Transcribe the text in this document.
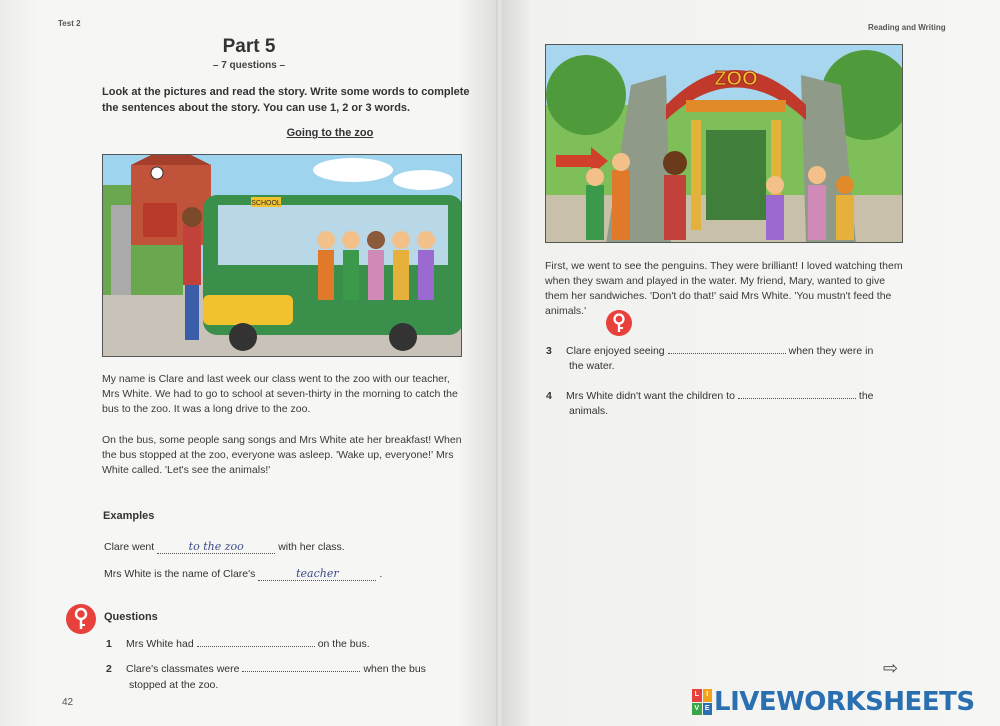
Test 2
Part 5
– 7 questions –
Look at the pictures and read the story. Write some words to complete the sentences about the story. You can use 1, 2 or 3 words.
Going to the zoo
SCHOOL
My name is Clare and last week our class went to the zoo with our teacher, Mrs White. We had to go to school at seven-thirty in the morning to catch the bus to the zoo. It was a long drive to the zoo.
On the bus, some people sang songs and Mrs White ate her breakfast! When the bus stopped at the zoo, everyone was asleep. 'Wake up, everyone!' Mrs White called. 'Let's see the animals!'
Examples
Clare went	to the zoo	with her class.
Mrs White is the name of Clare's	teacher	.
Questions
1 Mrs White had	on the bus.
2 Clare's classmates were	when the bus
stopped at the zoo.
42
Reading and Writing
ZOO
First, we went to see the penguins. They were brilliant! I loved watching them when they swam and played in the water. My friend, Mary, wanted to give them her sandwiches. 'Don't do that!' said Mrs White. 'You mustn't feed the animals.'
3 Clare enjoyed seeing	when they were in
the water.
4 Mrs White didn't want the children to	the
animals.
⇨
L	I
V E LIVEWORKSHEETS
